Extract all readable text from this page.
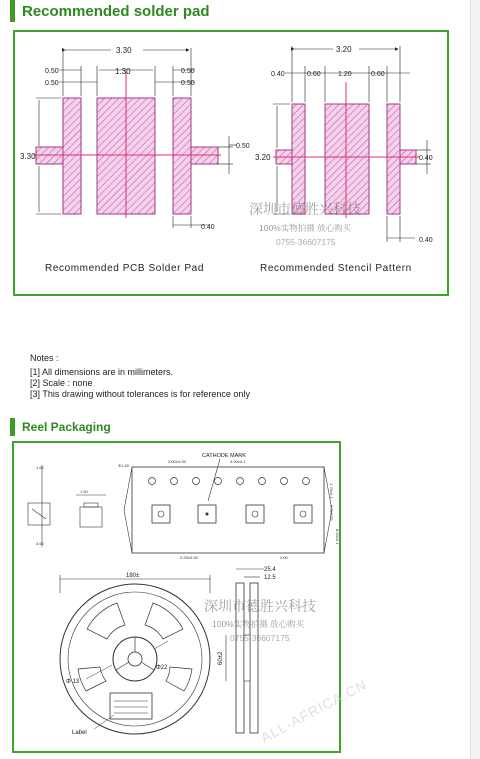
Recommended solder pad
3.30
1.30
0.50
0.50
0.50
0.50
3.30
0.50
0.40
Recommended PCB Solder Pad
3.20
0.40	0.60 1.20	0.60
3.20	0.40
0.40
Recommended Stencil Pattern
深圳市德胜兴科技
100%实物拍摄 放心购买
0755-36607175
Notes :
[1] All dimensions are in millimeters.
[2] Scale : none
[3] This drawing without tolerances is for reference only
Reel Packaging
1.60
3.60
1.50
CATHODE MARK
2.00±0.05	4.00±0.1
Φ1.50
0.25±0.05	2.00
1.75±0.1
3.5±0.05
8.00±0.1
180±
Φ22
Φ 13
Label
25.4
12.5
60±2
深圳市德胜兴科技
100%实物拍摄 放心购买
0755-36607175
ALL-AFRICA.CN
